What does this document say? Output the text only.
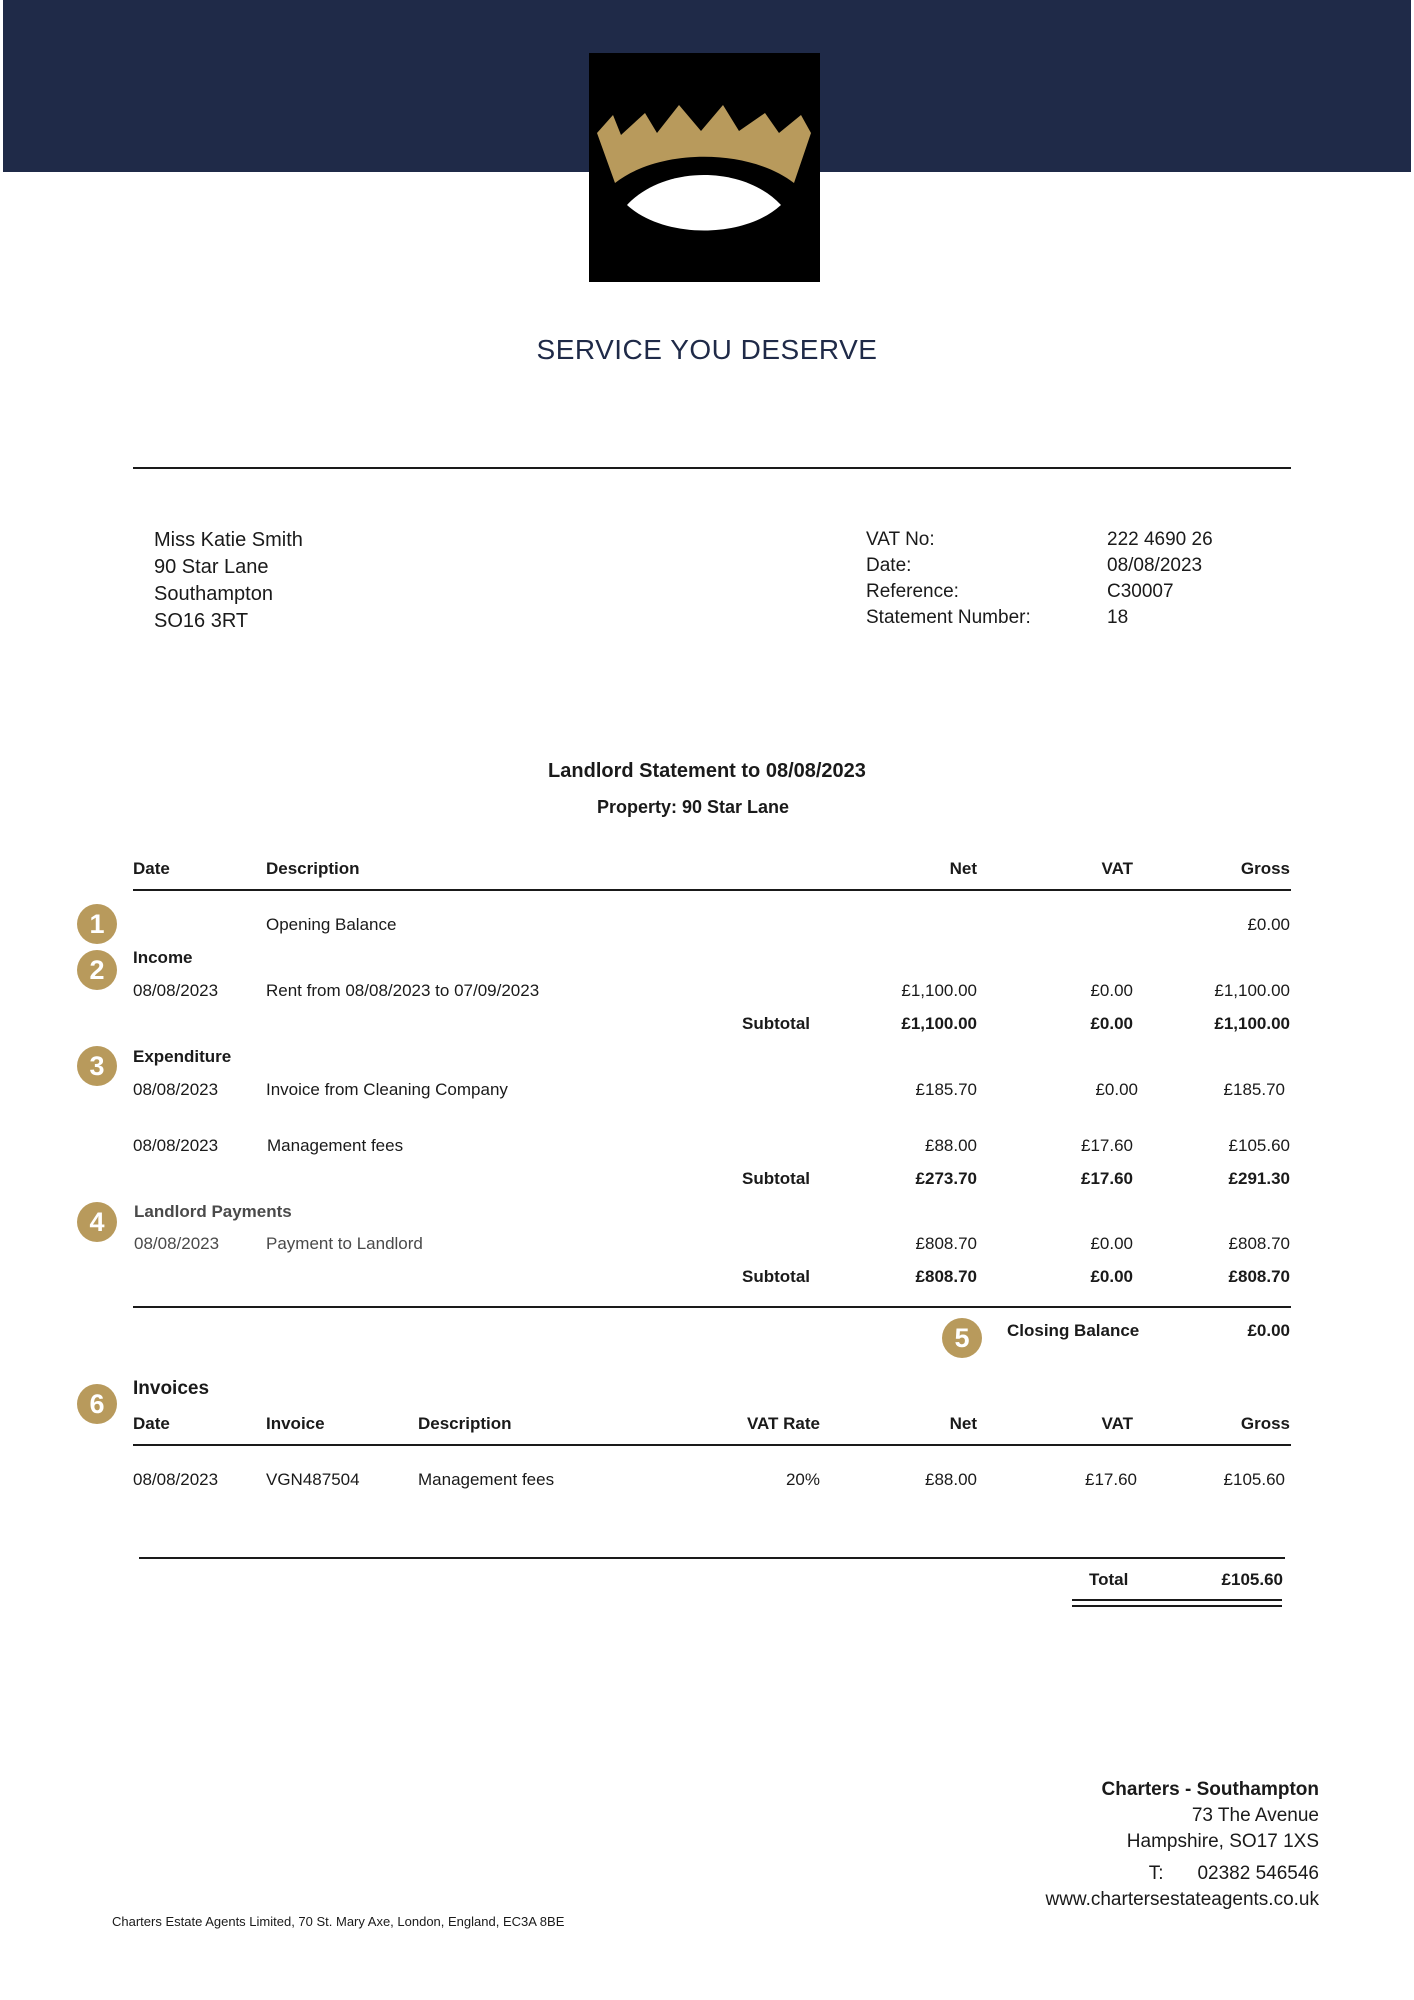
SERVICE YOU DESERVE
Miss Katie Smith
90 Star Lane
Southampton
SO16 3RT
VAT No:	222 4690 26
Date:	08/08/2023
Reference:	C30007
Statement Number:	18
Landlord Statement to 08/08/2023
Property: 90 Star Lane
Date	Description	Net	VAT	Gross
1	Opening Balance	£0.00
2	Income
08/08/2023	Rent from 08/08/2023 to 07/09/2023	£1,100.00	£0.00	£1,100.00
Subtotal	£1,100.00	£0.00	£1,100.00
3	Expenditure
08/08/2023	Invoice from Cleaning Company	£185.70	£0.00	£185.70
08/08/2023	Management fees	£88.00	£17.60	£105.60
Subtotal	£273.70	£17.60	£291.30
4	Landlord Payments
08/08/2023	Payment to Landlord	£808.70	£0.00	£808.70
Subtotal	£808.70	£0.00	£808.70
5	Closing Balance	£0.00
6
Invoices
Date	Invoice	Description	VAT Rate	Net	VAT	Gross
08/08/2023	VGN487504	Management fees	20%	£88.00	£17.60	£105.60
Total	£105.60
Charters - Southampton
73 The Avenue
Hampshire, SO17 1XS
T: 02382 546546
www.chartersestateagents.co.uk
Charters Estate Agents Limited, 70 St. Mary Axe, London, England, EC3A 8BE
